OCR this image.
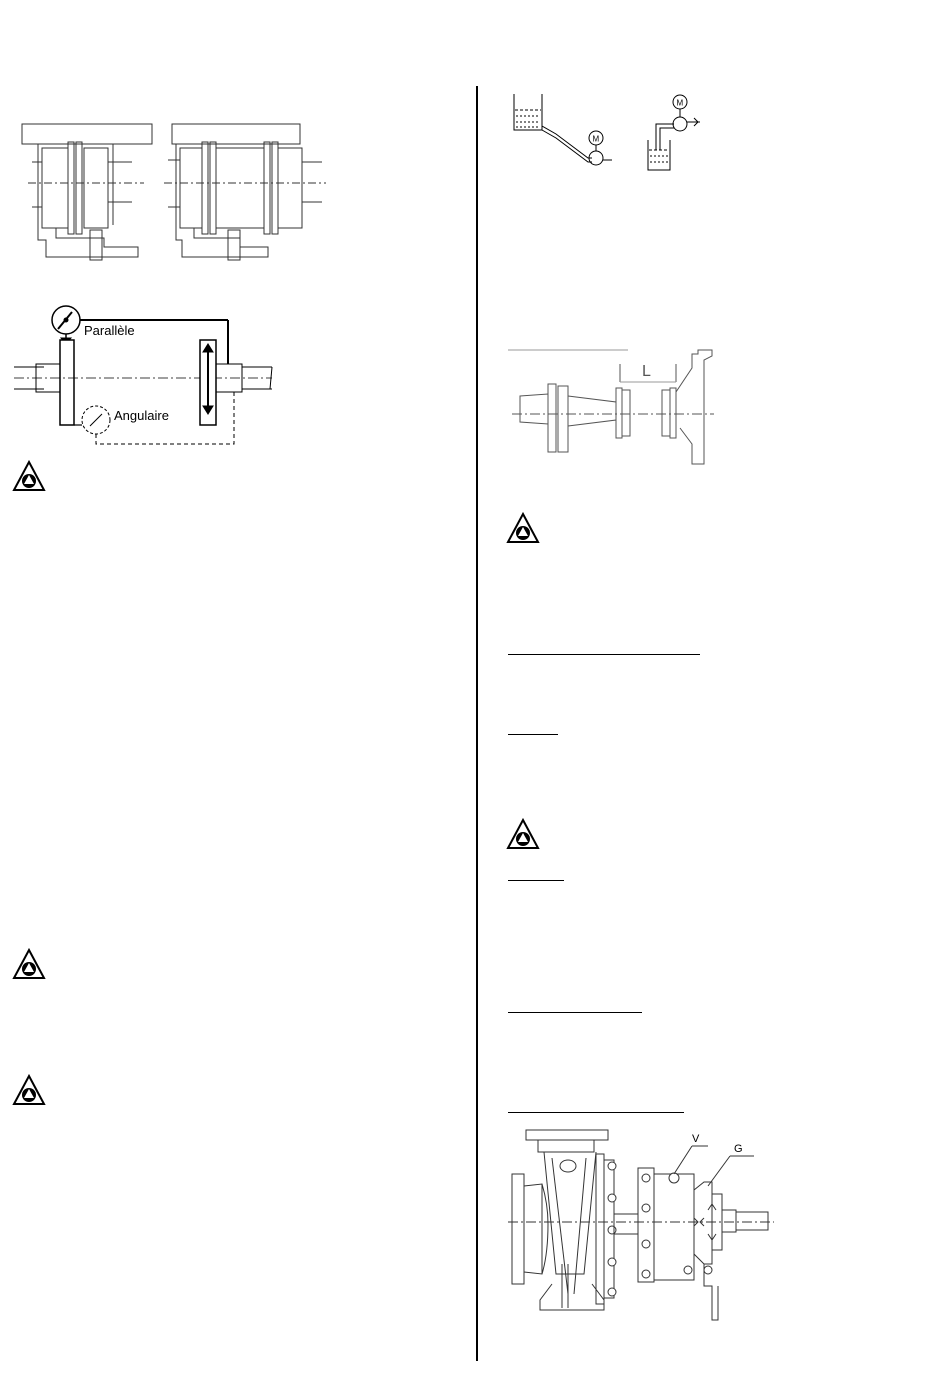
Parallèle
Angulaire
M
M
L
V
G
